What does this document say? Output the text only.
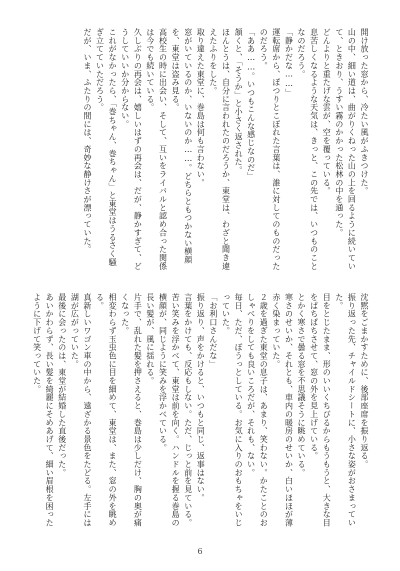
開け放った窓から、冷たい風がふきつけた。
山の中、細い道は、曲がりくねった山の上を回るように続いていて、ときおり、うすい霧のかかった松林の中を通った。
どんよりと重たげな雲が、空を覆っている。
息苦しくなるような天気は、きっと、この先では、いつものことなのだろう。
「静かだな……」
運転席から、ぽつりとこぼれた言葉は、誰に対してのものだったのだろう。
「ああ……。いつもこんな感じなのだ」
頷くと、「そうか」と小さく返された。
ほんとうは、自分に言われたのだろうか、東堂は、わざと聞き違えたふりをした。
取り違えた東堂に、巻島は何も言わない。
窓がいているのか、いないのか……。どちらともつかない横顔を、東堂は盗み見る。
高校生の時に出会い、そして、互いをライバルと認め合った関係は今でも続いている。
久しぶりの再会は、嬉しいはずの再会は、だが、静かすぎて、どうしていいか分からない。
これがなかったら、「巻ちゃん、巻ちゃん」と東堂はうるさく騒ぎ立てていただろう。
だが、いま、ふたりの間には、奇妙な静けさが漂っていた。
沈黙をごまかすために、後部座席を振り返る。
振り返った先、チャイルドシートに、小さな姿がおさまっていた。
目をとじたまま、形のいいくちびるからもうもうと、大きな目をぱちぱちさせて、窓の外を見上げている。
とかく寒さで曇る窓を不思議そうに眺めている。
寒さのせいか、それとも、車内の暖房のせいか、白いほほが薄赤く染まっていた。
２歳を過ぎた東堂の息子は、あまり、笑わない。かたことのおしゃべりをしても良いころだが、それも、ない。
毎日、ただ、ぼうっとしている。お気に入りのおもちゃをいじっていた。
「お利口さんだな」
振り返り、声をかけると、いつもと同じ、返事はない。
言葉をかけても、反応もしない。ただ、じっと前を見ている。
苦い笑みを浮かべて、東堂は前を向く。ハンドルを握る巻島の横顔が、同じように笑みを浮かべている。
長い髪が、風に揺れる。
片手で、乱れた髪を押さえると、巻島は少しだけ、胸の奥が痛くなった。
相変わらず玉虫色に目を細めて、東堂は、また、窓の外を眺める。
真新しいワゴン車の中から、遠ざかる景色をたどる。左手には湖が広がっていた。
最後に会ったのは、東堂が結婚した直後だった。
あいかわらず、長い髪を綺麗にそめあげて、細い眉根を困ったように下げて笑っていた。
6
